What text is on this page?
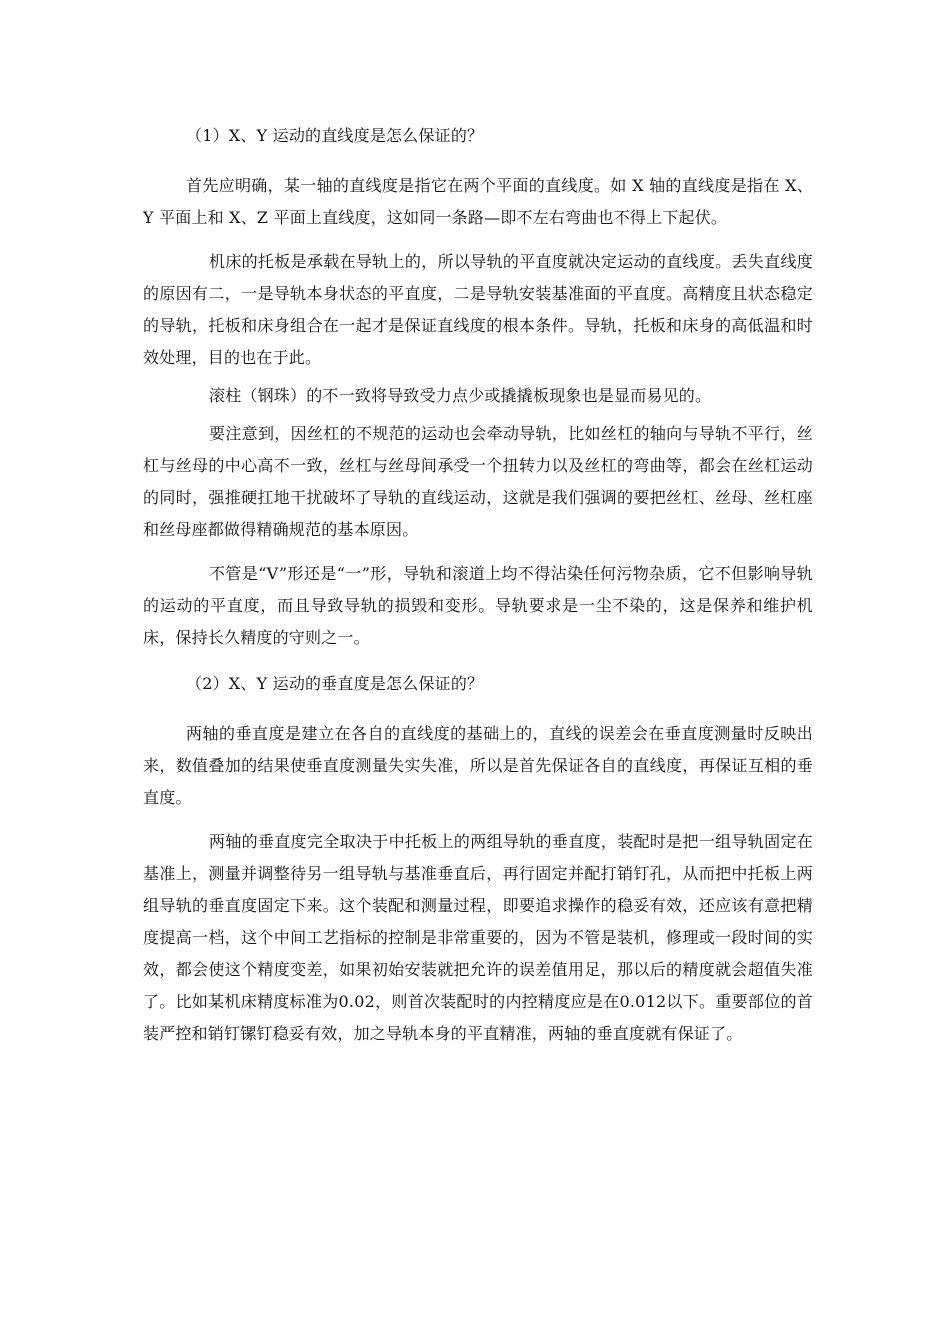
（1）X、Y 运动的直线度是怎么保证的？

首先应明确，某一轴的直线度是指它在两个平面的直线度。如 X 轴的直线度是指在 X、Y 平面上和 X、Z 平面上直线度，这如同一条路—即不左右弯曲也不得上下起伏。

机床的托板是承载在导轨上的，所以导轨的平直度就决定运动的直线度。丢失直线度的原因有二，一是导轨本身状态的平直度，二是导轨安装基准面的平直度。高精度且状态稳定的导轨，托板和床身组合在一起才是保证直线度的根本条件。导轨，托板和床身的高低温和时效处理，目的也在于此。

滚柱（钢珠）的不一致将导致受力点少或撬撬板现象也是显而易见的。

要注意到，因丝杠的不规范的运动也会牵动导轨，比如丝杠的轴向与导轨不平行，丝杠与丝母的中心高不一致，丝杠与丝母间承受一个扭转力以及丝杠的弯曲等，都会在丝杠运动的同时，强推硬扛地干扰破坏了导轨的直线运动，这就是我们强调的要把丝杠、丝母、丝杠座和丝母座都做得精确规范的基本原因。

不管是“V”形还是“一”形，导轨和滚道上均不得沾染任何污物杂质，它不但影响导轨的运动的平直度，而且导致导轨的损毁和变形。导轨要求是一尘不染的，这是保养和维护机床，保持长久精度的守则之一。

（2）X、Y 运动的垂直度是怎么保证的？

两轴的垂直度是建立在各自的直线度的基础上的，直线的误差会在垂直度测量时反映出来，数值叠加的结果使垂直度测量失实失准，所以是首先保证各自的直线度，再保证互相的垂直度。

两轴的垂直度完全取决于中托板上的两组导轨的垂直度，装配时是把一组导轨固定在基准上，测量并调整待另一组导轨与基准垂直后，再行固定并配打销钉孔，从而把中托板上两组导轨的垂直度固定下来。这个装配和测量过程，即要追求操作的稳妥有效，还应该有意把精度提高一档，这个中间工艺指标的控制是非常重要的，因为不管是装机，修理或一段时间的实效，都会使这个精度变差，如果初始安装就把允许的误差值用足，那以后的精度就会超值失准了。比如某机床精度标准为0.02，则首次装配时的内控精度应是在0.012以下。重要部位的首装严控和销钉镙钉稳妥有效，加之导轨本身的平直精准，两轴的垂直度就有保证了。
